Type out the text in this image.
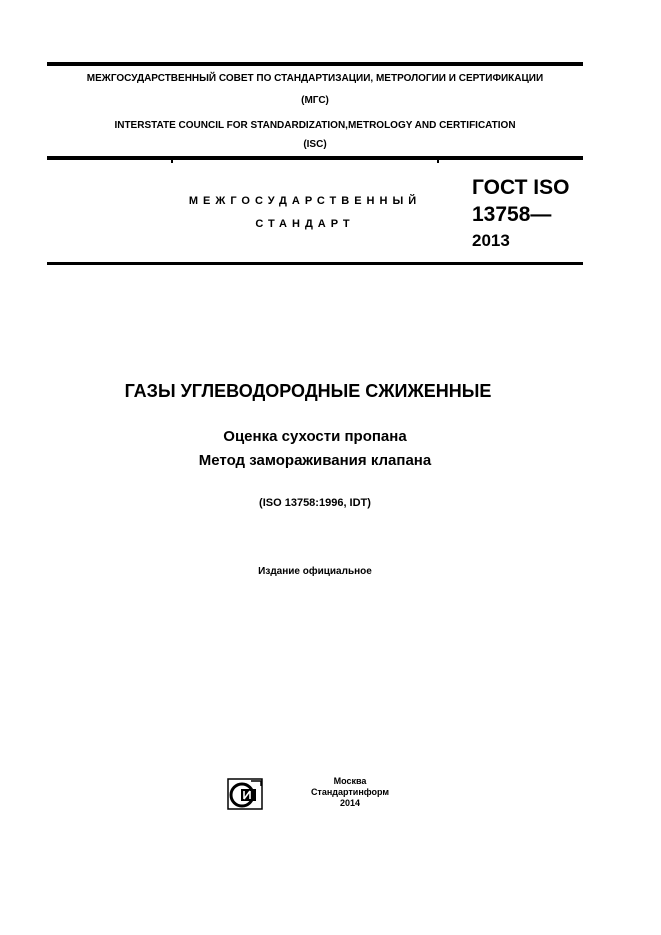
МЕЖГОСУДАРСТВЕННЫЙ СОВЕТ ПО СТАНДАРТИЗАЦИИ, МЕТРОЛОГИИ И СЕРТИФИКАЦИИ
(МГС)
INTERSTATE COUNCIL FOR STANDARDIZATION,METROLOGY AND CERTIFICATION
(ISC)
МЕЖГОСУДАРСТВЕННЫЙ
СТАНДАРТ
ГОСТ ISO
13758—
2013
ГАЗЫ УГЛЕВОДОРОДНЫЕ СЖИЖЕННЫЕ
Оценка сухости пропана
Метод замораживания клапана
(ISO 13758:1996, IDT)
Издание официальное
Москва
Стандартинформ
2014
